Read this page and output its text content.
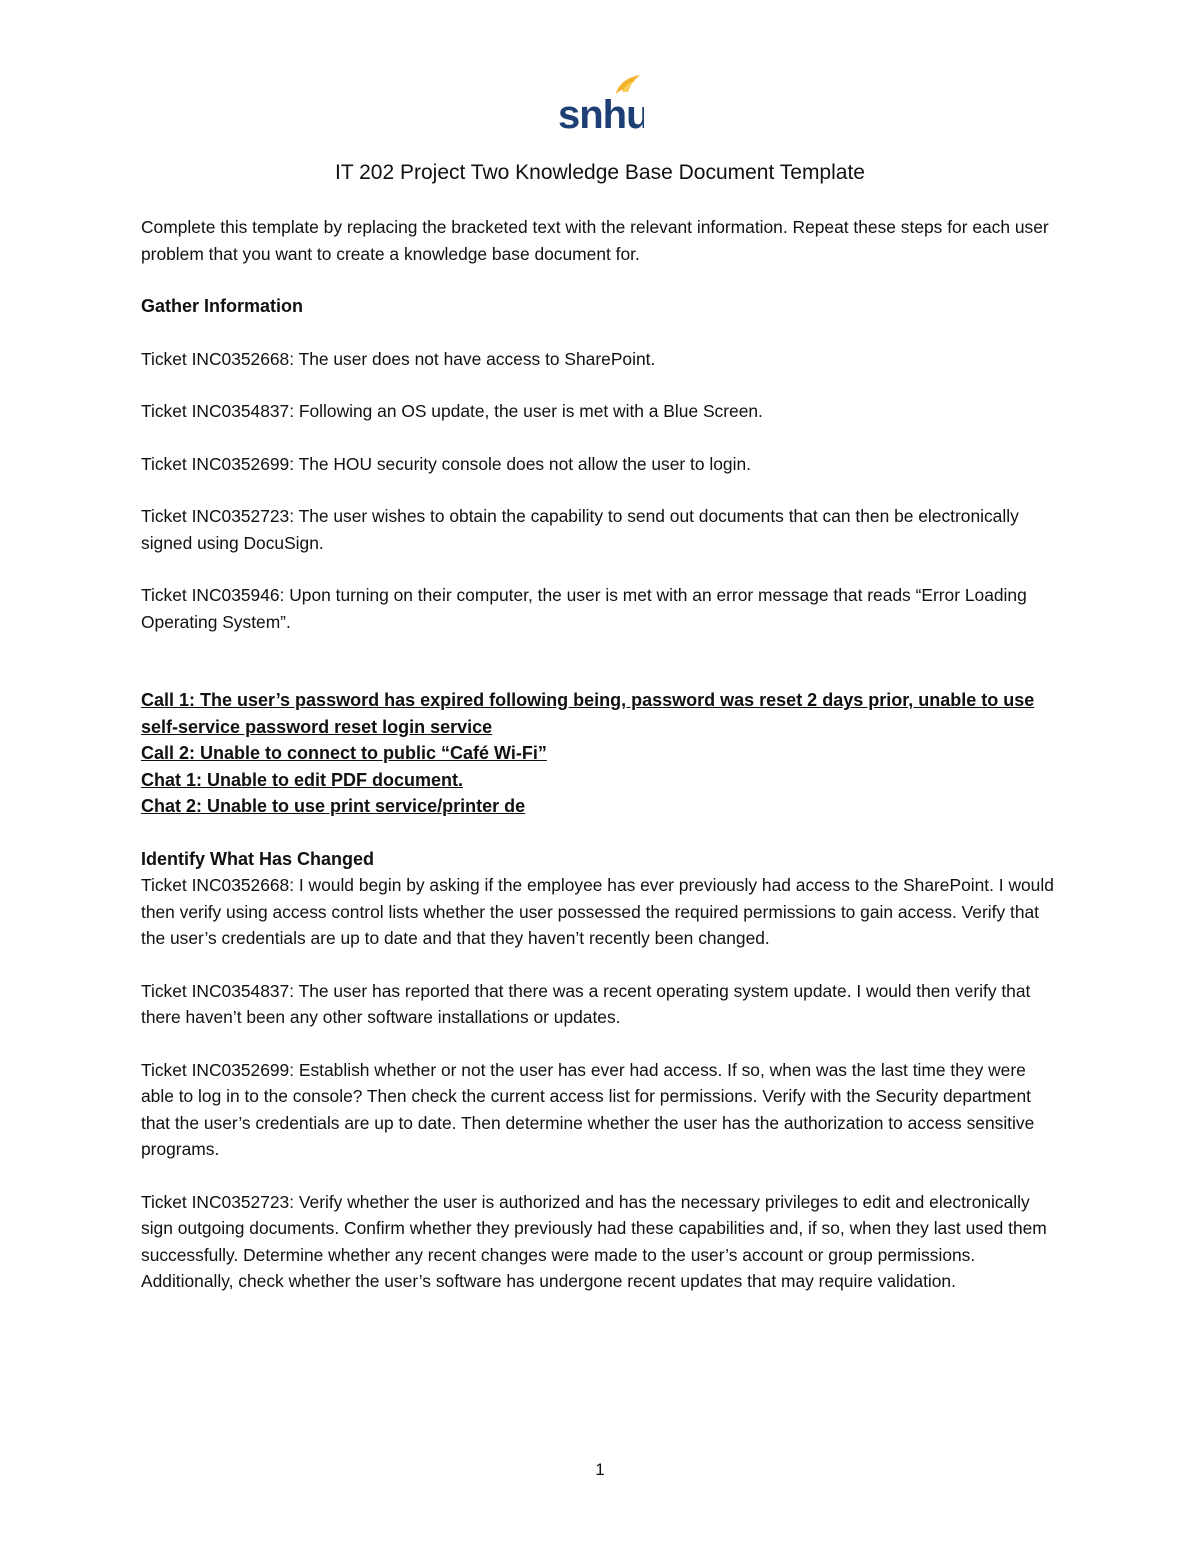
snhu
IT 202 Project Two Knowledge Base Document Template

Complete this template by replacing the bracketed text with the relevant information. Repeat these steps for each user problem that you want to create a knowledge base document for.

Gather Information

Ticket INC0352668: The user does not have access to SharePoint.

Ticket INC0354837: Following an OS update, the user is met with a Blue Screen.

Ticket INC0352699: The HOU security console does not allow the user to login.

Ticket INC0352723: The user wishes to obtain the capability to send out documents that can then be electronically signed using DocuSign.

Ticket INC035946: Upon turning on their computer, the user is met with an error message that reads “Error Loading Operating System”.

Call 1: The user’s password has expired following being, password was reset 2 days prior, unable to use self-service password reset login service

Call 2: Unable to connect to public “Café Wi-Fi”

Chat 1: Unable to edit PDF document.

Chat 2: Unable to use print service/printer de

Identify What Has Changed

Ticket INC0352668: I would begin by asking if the employee has ever previously had access to the SharePoint. I would then verify using access control lists whether the user possessed the required permissions to gain access. Verify that the user’s credentials are up to date and that they haven’t recently been changed.

Ticket INC0354837: The user has reported that there was a recent operating system update. I would then verify that there haven’t been any other software installations or updates.

Ticket INC0352699: Establish whether or not the user has ever had access. If so, when was the last time they were able to log in to the console? Then check the current access list for permissions. Verify with the Security department that the user’s credentials are up to date. Then determine whether the user has the authorization to access sensitive programs.

Ticket INC0352723: Verify whether the user is authorized and has the necessary privileges to edit and electronically sign outgoing documents. Confirm whether they previously had these capabilities and, if so, when they last used them successfully. Determine whether any recent changes were made to the user’s account or group permissions. Additionally, check whether the user’s software has undergone recent updates that may require validation.

1
